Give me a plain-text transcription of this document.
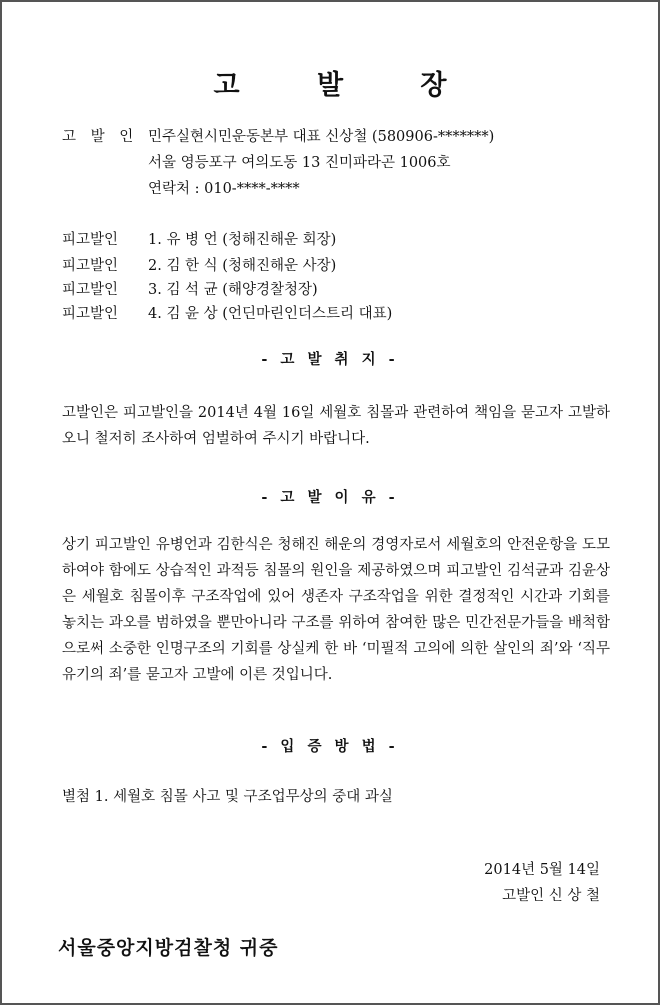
고 발 장
고 발 인 민주실현시민운동본부 대표 신상철 (580906-*******)
서울 영등포구 여의도동 13 진미파라곤 1006호
연락처 : 010-****-****
피고발인 1. 유 병 언 (청해진해운 회장)
피고발인 2. 김 한 식 (청해진해운 사장)
피고발인 3. 김 석 균 (해양경찰청장)
피고발인 4. 김 윤 상 (언딘마린인더스트리 대표)
- 고 발 취 지 -
고발인은 피고발인을 2014년 4월 16일 세월호 침몰과 관련하여 책임을 묻고자 고발하오니 철저히 조사하여 엄벌하여 주시기 바랍니다.
- 고 발 이 유 -
상기 피고발인 유병언과 김한식은 청해진 해운의 경영자로서 세월호의 안전운항을 도모하여야 함에도 상습적인 과적등 침몰의 원인을 제공하였으며 피고발인 김석균과 김윤상은 세월호 침몰이후 구조작업에 있어 생존자 구조작업을 위한 결정적인 시간과 기회를 놓치는 과오를 범하였을 뿐만아니라 구조를 위하여 참여한 많은 민간전문가들을 배척함으로써 소중한 인명구조의 기회를 상실케 한 바 ‘미필적 고의에 의한 살인의 죄’와 ‘직무유기의 죄’를 묻고자 고발에 이른 것입니다.
- 입 증 방 법 -
별첨 1. 세월호 침몰 사고 및 구조업무상의 중대 과실
2014년 5월 14일
고발인 신 상 철
서울중앙지방검찰청 귀중
